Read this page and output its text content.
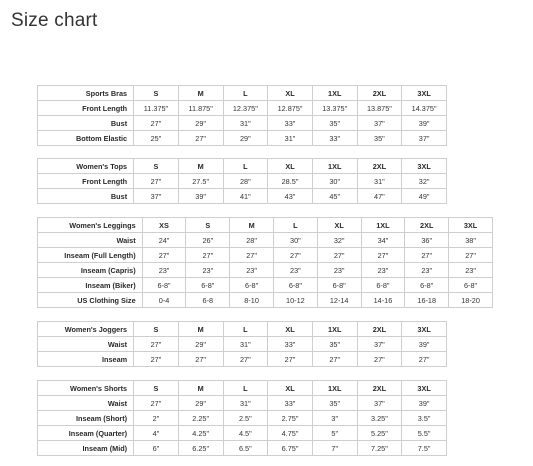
Size chart
Sports Bras	S	M	L	XL	1XL	2XL	3XL
Front Length	11.375"	11.875"	12.375"	12.875"	13.375"	13.875"	14.375"
Bust	27"	29"	31"	33"	35"	37"	39"
Bottom Elastic	25"	27"	29"	31"	33"	35"	37"
Women's Tops	S	M	L	XL	1XL	2XL	3XL
Front Length	27"	27.5"	28"	28.5"	30"	31"	32"
Bust	37"	39"	41"	43"	45"	47"	49"
Women's Leggings	XS	S	M	L	XL	1XL	2XL	3XL
Waist	24"	26"	28"	30"	32"	34"	36"	38"
Inseam (Full Length)	27"	27"	27"	27"	27"	27"	27"	27"
Inseam (Capris)	23"	23"	23"	23"	23"	23"	23"	23"
Inseam (Biker)	6-8"	6-8"	6-8"	6-8"	6-8"	6-8"	6-8"	6-8"
US Clothing Size	0-4	6-8	8-10	10-12	12-14	14-16	16-18	18-20
Women's Joggers	S	M	L	XL	1XL	2XL	3XL
Waist	27"	29"	31"	33"	35"	37"	39"
Inseam	27"	27"	27"	27"	27"	27"	27"
Women's Shorts	S	M	L	XL	1XL	2XL	3XL
Waist	27"	29"	31"	33"	35"	37"	39"
Inseam (Short)	2"	2.25"	2.5"	2.75"	3"	3.25"	3.5"
Inseam (Quarter)	4"	4.25"	4.5"	4.75"	5"	5.25"	5.5"
Inseam (Mid)	6"	6.25"	6.5"	6.75"	7"	7.25"	7.5"
